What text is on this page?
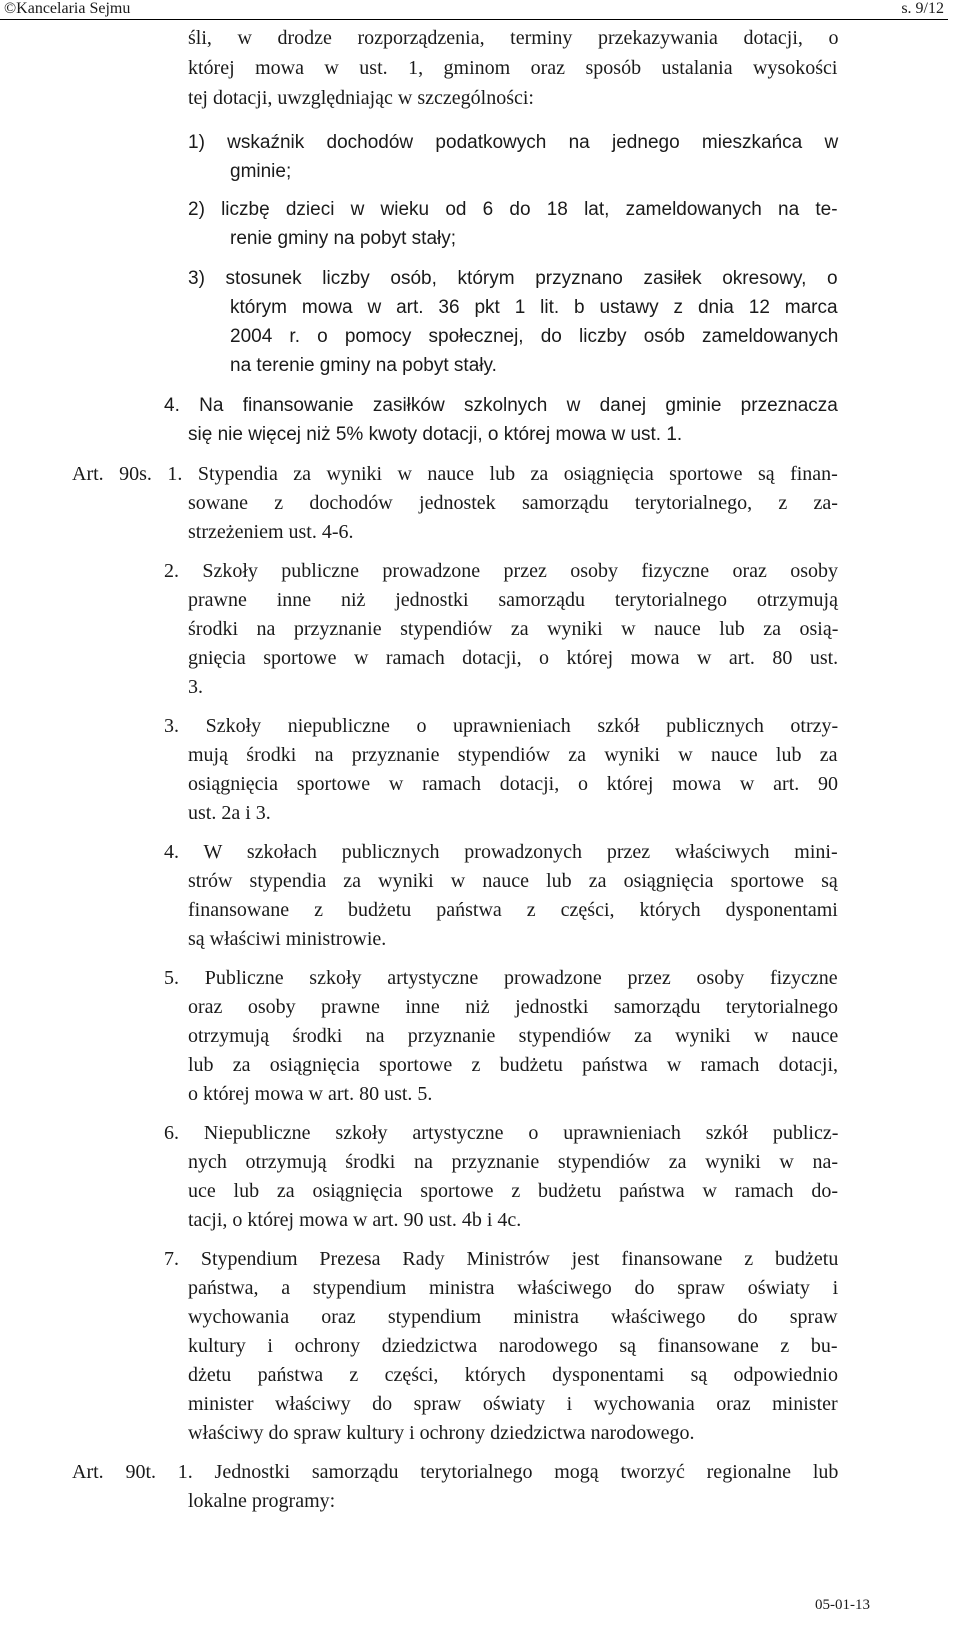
©Kancelaria Sejmu	s. 9/12
śli, w drodze rozporządzenia, terminy przekazywania dotacji, o
której mowa w ust. 1, gminom oraz sposób ustalania wysokości
tej dotacji, uwzględniając w szczególności:
1) wskaźnik dochodów podatkowych na jednego mieszkańca w
gminie;
2) liczbę dzieci w wieku od 6 do 18 lat, zameldowanych na te-
renie gminy na pobyt stały;
3) stosunek liczby osób, którym przyznano zasiłek okresowy, o
którym mowa w art. 36 pkt 1 lit. b ustawy z dnia 12 marca
2004 r. o pomocy społecznej, do liczby osób zameldowanych
na terenie gminy na pobyt stały.
4. Na finansowanie zasiłków szkolnych w danej gminie przeznacza
się nie więcej niż 5% kwoty dotacji, o której mowa w ust. 1.
Art. 90s. 1. Stypendia za wyniki w nauce lub za osiągnięcia sportowe są finan-
sowane z dochodów jednostek samorządu terytorialnego, z za-
strzeżeniem ust. 4-6.
2. Szkoły publiczne prowadzone przez osoby fizyczne oraz osoby
prawne inne niż jednostki samorządu terytorialnego otrzymują
środki na przyznanie stypendiów za wyniki w nauce lub za osią-
gnięcia sportowe w ramach dotacji, o której mowa w art. 80 ust.
3.
3. Szkoły niepubliczne o uprawnieniach szkół publicznych otrzy-
mują środki na przyznanie stypendiów za wyniki w nauce lub za
osiągnięcia sportowe w ramach dotacji, o której mowa w art. 90
ust. 2a i 3.
4. W szkołach publicznych prowadzonych przez właściwych mini-
strów stypendia za wyniki w nauce lub za osiągnięcia sportowe są
finansowane z budżetu państwa z części, których dysponentami
są właściwi ministrowie.
5. Publiczne szkoły artystyczne prowadzone przez osoby fizyczne
oraz osoby prawne inne niż jednostki samorządu terytorialnego
otrzymują środki na przyznanie stypendiów za wyniki w nauce
lub za osiągnięcia sportowe z budżetu państwa w ramach dotacji,
o której mowa w art. 80 ust. 5.
6. Niepubliczne szkoły artystyczne o uprawnieniach szkół publicz-
nych otrzymują środki na przyznanie stypendiów za wyniki w na-
uce lub za osiągnięcia sportowe z budżetu państwa w ramach do-
tacji, o której mowa w art. 90 ust. 4b i 4c.
7. Stypendium Prezesa Rady Ministrów jest finansowane z budżetu
państwa, a stypendium ministra właściwego do spraw oświaty i
wychowania oraz stypendium ministra właściwego do spraw
kultury i ochrony dziedzictwa narodowego są finansowane z bu-
dżetu państwa z części, których dysponentami są odpowiednio
minister właściwy do spraw oświaty i wychowania oraz minister
właściwy do spraw kultury i ochrony dziedzictwa narodowego.
Art. 90t. 1. Jednostki samorządu terytorialnego mogą tworzyć regionalne lub
lokalne programy:
05-01-13
